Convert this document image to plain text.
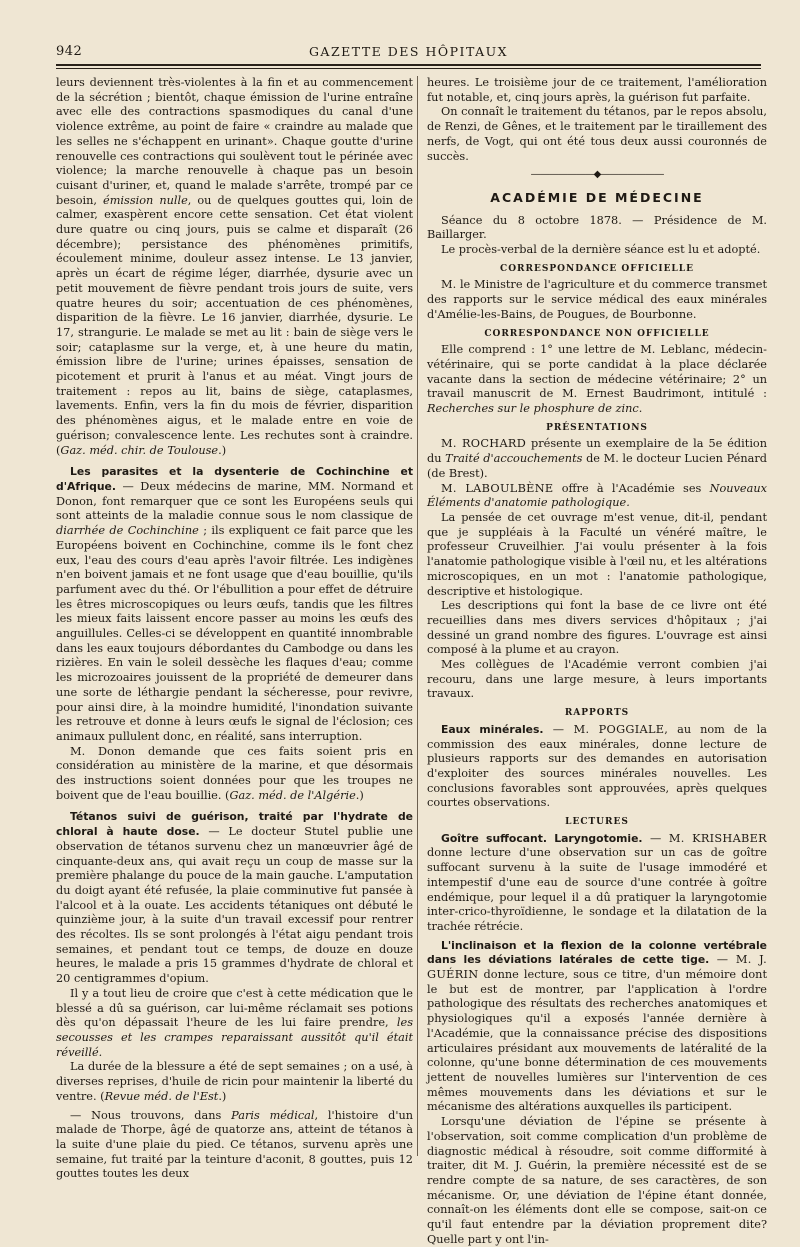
942	GAZETTE DES HÔPITAUX

leurs deviennent très-violentes à la fin et au commencement de la sécrétion ; bientôt, chaque émission de l'urine entraîne avec elle des contractions spasmodiques du canal d'une violence extrême, au point de faire « craindre au malade que les selles ne s'échappent en urinant». Chaque goutte d'urine renouvelle ces contractions qui soulèvent tout le périnée avec violence; la marche renouvelle à chaque pas un besoin cuisant d'uriner, et, quand le malade s'arrête, trompé par ce besoin, émission nulle, ou de quelques gouttes qui, loin de calmer, exaspèrent encore cette sensation. Cet état violent dure quatre ou cinq jours, puis se calme et disparaît (26 décembre); persistance des phénomènes primitifs, écoulement minime, douleur assez intense. Le 13 janvier, après un écart de régime léger, diarrhée, dysurie avec un petit mouvement de fièvre pendant trois jours de suite, vers quatre heures du soir; accentuation de ces phénomènes, disparition de la fièvre. Le 16 janvier, diarrhée, dysurie. Le 17, strangurie. Le malade se met au lit : bain de siège vers le soir; cataplasme sur la verge, et, à une heure du matin, émission libre de l'urine; urines épaisses, sensation de picotement et prurit à l'anus et au méat. Vingt jours de traitement : repos au lit, bains de siège, cataplasmes, lavements. Enfin, vers la fin du mois de février, disparition des phénomènes aigus, et le malade entre en voie de guérison; convalescence lente. Les rechutes sont à craindre. (Gaz. méd. chir. de Toulouse.)

Les parasites et la dysenterie de Cochinchine et d'Afrique. — Deux médecins de marine, MM. Normand et Donon, font remarquer que ce sont les Européens seuls qui sont atteints de la maladie connue sous le nom classique de diarrhée de Cochinchine ; ils expliquent ce fait parce que les Européens boivent en Cochinchine, comme ils le font chez eux, l'eau des cours d'eau après l'avoir filtrée. Les indigènes n'en boivent jamais et ne font usage que d'eau bouillie, qu'ils parfument avec du thé. Or l'ébullition a pour effet de détruire les êtres microscopiques ou leurs œufs, tandis que les filtres les mieux faits laissent encore passer au moins les œufs des anguillules. Celles-ci se développent en quantité innombrable dans les eaux toujours débordantes du Cambodge ou dans les rizières. En vain le soleil dessèche les flaques d'eau; comme les microzoaires jouissent de la propriété de demeurer dans une sorte de léthargie pendant la sécheresse, pour revivre, pour ainsi dire, à la moindre humidité, l'inondation suivante les retrouve et donne à leurs œufs le signal de l'éclosion; ces animaux pullulent donc, en réalité, sans interruption.

M. Donon demande que ces faits soient pris en considération au ministère de la marine, et que désormais des instructions soient données pour que les troupes ne boivent que de l'eau bouillie. (Gaz. méd. de l'Algérie.)

Tétanos suivi de guérison, traité par l'hydrate de chloral à haute dose. — Le docteur Stutel publie une observation de tétanos survenu chez un manœuvrier âgé de cinquante-deux ans, qui avait reçu un coup de masse sur la première phalange du pouce de la main gauche. L'amputation du doigt ayant été refusée, la plaie comminutive fut pansée à l'alcool et à la ouate. Les accidents tétaniques ont débuté le quinzième jour, à la suite d'un travail excessif pour rentrer des récoltes. Ils se sont prolongés à l'état aigu pendant trois semaines, et pendant tout ce temps, de douze en douze heures, le malade a pris 15 grammes d'hydrate de chloral et 20 centigrammes d'opium.

Il y a tout lieu de croire que c'est à cette médication que le blessé a dû sa guérison, car lui-même réclamait ses potions dès qu'on dépassait l'heure de les lui faire prendre, les secousses et les crampes reparaissant aussitôt qu'il était réveillé.

La durée de la blessure a été de sept semaines ; on a usé, à diverses reprises, d'huile de ricin pour maintenir la liberté du ventre. (Revue méd. de l'Est.)

— Nous trouvons, dans Paris médical, l'histoire d'un malade de Thorpe, âgé de quatorze ans, atteint de tétanos à la suite d'une plaie du pied. Ce tétanos, survenu après une semaine, fut traité par la teinture d'aconit, 8 gouttes, puis 12 gouttes toutes les deux

heures. Le troisième jour de ce traitement, l'amélioration fut notable, et, cinq jours après, la guérison fut parfaite.

On connaît le traitement du tétanos, par le repos absolu, de Renzi, de Gênes, et le traitement par le tiraillement des nerfs, de Vogt, qui ont été tous deux aussi couronnés de succès.

———————◆———————
ACADÉMIE DE MÉDECINE

Séance du 8 octobre 1878. — Présidence de M. Baillarger.

Le procès-verbal de la dernière séance est lu et adopté.

CORRESPONDANCE OFFICIELLE

M. le Ministre de l'agriculture et du commerce transmet des rapports sur le service médical des eaux minérales d'Amélie-les-Bains, de Pougues, de Bourbonne.

CORRESPONDANCE NON OFFICIELLE

Elle comprend : 1° une lettre de M. Leblanc, médecin-vétérinaire, qui se porte candidat à la place déclarée vacante dans la section de médecine vétérinaire; 2° un travail manuscrit de M. Ernest Baudrimont, intitulé : Recherches sur le phosphure de zinc.

PRÉSENTATIONS

M. ROCHARD présente un exemplaire de la 5e édition du Traité d'accouchements de M. le docteur Lucien Pénard (de Brest).

M. LABOULBÈNE offre à l'Académie ses Nouveaux Éléments d'anatomie pathologique.

La pensée de cet ouvrage m'est venue, dit-il, pendant que je suppléais à la Faculté un vénéré maître, le professeur Cruveilhier. J'ai voulu présenter à la fois l'anatomie pathologique visible à l'œil nu, et les altérations microscopiques, en un mot : l'anatomie pathologique, descriptive et histologique.

Les descriptions qui font la base de ce livre ont été recueillies dans mes divers services d'hôpitaux ; j'ai dessiné un grand nombre des figures. L'ouvrage est ainsi composé à la plume et au crayon.

Mes collègues de l'Académie verront combien j'ai recouru, dans une large mesure, à leurs importants travaux.

RAPPORTS

Eaux minérales. — M. POGGIALE, au nom de la commission des eaux minérales, donne lecture de plusieurs rapports sur des demandes en autorisation d'exploiter des sources minérales nouvelles. Les conclusions favorables sont approuvées, après quelques courtes observations.

LECTURES

Goître suffocant. Laryngotomie. — M. KRISHABER donne lecture d'une observation sur un cas de goître suffocant survenu à la suite de l'usage immodéré et intempestif d'une eau de source d'une contrée à goître endémique, pour lequel il a dû pratiquer la laryngotomie inter-crico-thyroïdienne, le sondage et la dilatation de la trachée rétrécie.

L'inclinaison et la flexion de la colonne vertébrale dans les déviations latérales de cette tige. — M. J. GUÉRIN donne lecture, sous ce titre, d'un mémoire dont le but est de montrer, par l'application à l'ordre pathologique des résultats des recherches anatomiques et physiologiques qu'il a exposés l'année dernière à l'Académie, que la connaissance précise des dispositions articulaires présidant aux mouvements de latéralité de la colonne, qu'une bonne détermination de ces mouvements jettent de nouvelles lumières sur l'intervention de ces mêmes mouvements dans les déviations et sur le mécanisme des altérations auxquelles ils participent.

Lorsqu'une déviation de l'épine se présente à l'observation, soit comme complication d'un problème de diagnostic médical à résoudre, soit comme difformité à traiter, dit M. J. Guérin, la première nécessité est de se rendre compte de sa nature, de ses caractères, de son mécanisme. Or, une déviation de l'épine étant donnée, connaît-on les éléments dont elle se compose, sait-on ce qu'il faut entendre par la déviation proprement dite? Quelle part y ont l'in-
